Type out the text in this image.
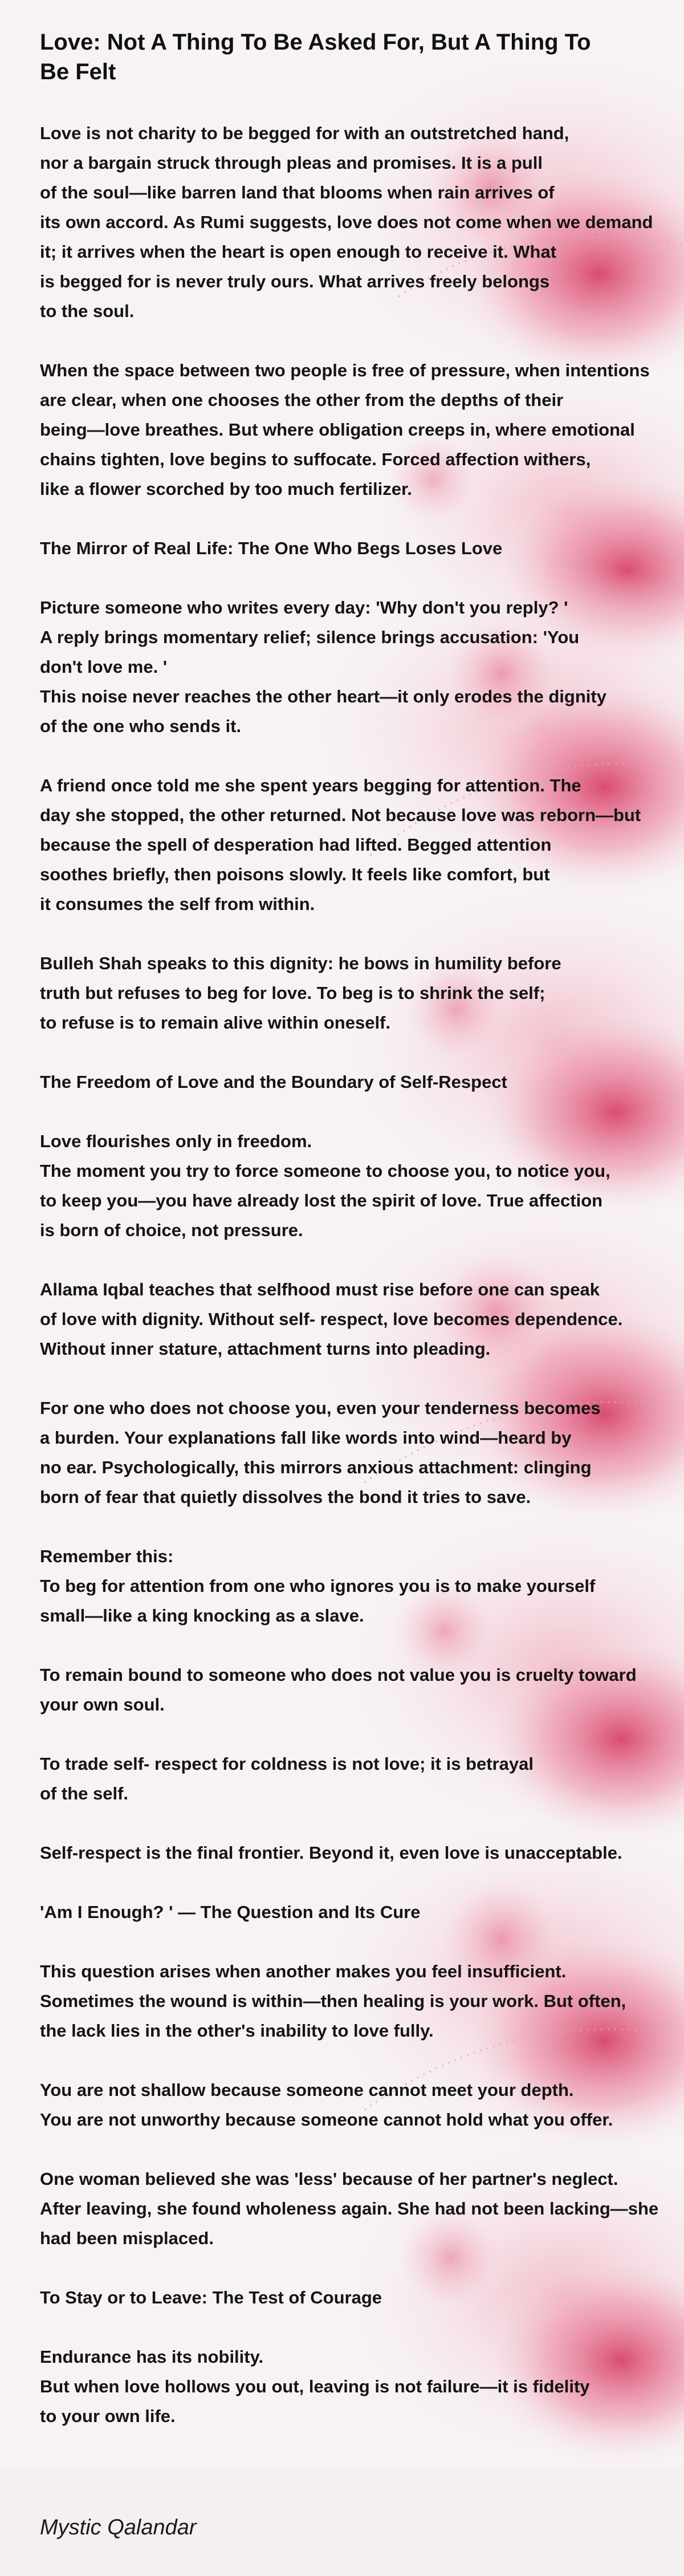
Love: Not A Thing To Be Asked For, But A Thing To Be Felt
Love is not charity to be begged for with an outstretched hand,
nor a bargain struck through pleas and promises. It is a pull
of the soul—like barren land that blooms when rain arrives of
its own accord. As Rumi suggests, love does not come when we demand
it; it arrives when the heart is open enough to receive it. What
is begged for is never truly ours. What arrives freely belongs
to the soul.
When the space between two people is free of pressure, when intentions
are clear, when one chooses the other from the depths of their
being—love breathes. But where obligation creeps in, where emotional
chains tighten, love begins to suffocate. Forced affection withers,
like a flower scorched by too much fertilizer.
The Mirror of Real Life: The One Who Begs Loses Love
Picture someone who writes every day: 'Why don't you reply? '
A reply brings momentary relief; silence brings accusation: 'You
don't love me. '
This noise never reaches the other heart—it only erodes the dignity
of the one who sends it.
A friend once told me she spent years begging for attention. The
day she stopped, the other returned. Not because love was reborn—but
because the spell of desperation had lifted. Begged attention
soothes briefly, then poisons slowly. It feels like comfort, but
it consumes the self from within.
Bulleh Shah speaks to this dignity: he bows in humility before
truth but refuses to beg for love. To beg is to shrink the self;
to refuse is to remain alive within oneself.
The Freedom of Love and the Boundary of Self-Respect
Love flourishes only in freedom.
The moment you try to force someone to choose you, to notice you,
to keep you—you have already lost the spirit of love. True affection
is born of choice, not pressure.
Allama Iqbal teaches that selfhood must rise before one can speak
of love with dignity. Without self- respect, love becomes dependence.
Without inner stature, attachment turns into pleading.
For one who does not choose you, even your tenderness becomes
a burden. Your explanations fall like words into wind—heard by
no ear. Psychologically, this mirrors anxious attachment: clinging
born of fear that quietly dissolves the bond it tries to save.
Remember this:
To beg for attention from one who ignores you is to make yourself
small—like a king knocking as a slave.
To remain bound to someone who does not value you is cruelty toward
your own soul.
To trade self- respect for coldness is not love; it is betrayal
of the self.
Self-respect is the final frontier. Beyond it, even love is unacceptable.
'Am I Enough? ' — The Question and Its Cure
This question arises when another makes you feel insufficient.
Sometimes the wound is within—then healing is your work. But often,
the lack lies in the other's inability to love fully.
You are not shallow because someone cannot meet your depth.
You are not unworthy because someone cannot hold what you offer.
One woman believed she was 'less' because of her partner's neglect.
After leaving, she found wholeness again. She had not been lacking—she
had been misplaced.
To Stay or to Leave: The Test of Courage
Endurance has its nobility.
But when love hollows you out, leaving is not failure—it is fidelity
to your own life.
Mystic Qalandar
